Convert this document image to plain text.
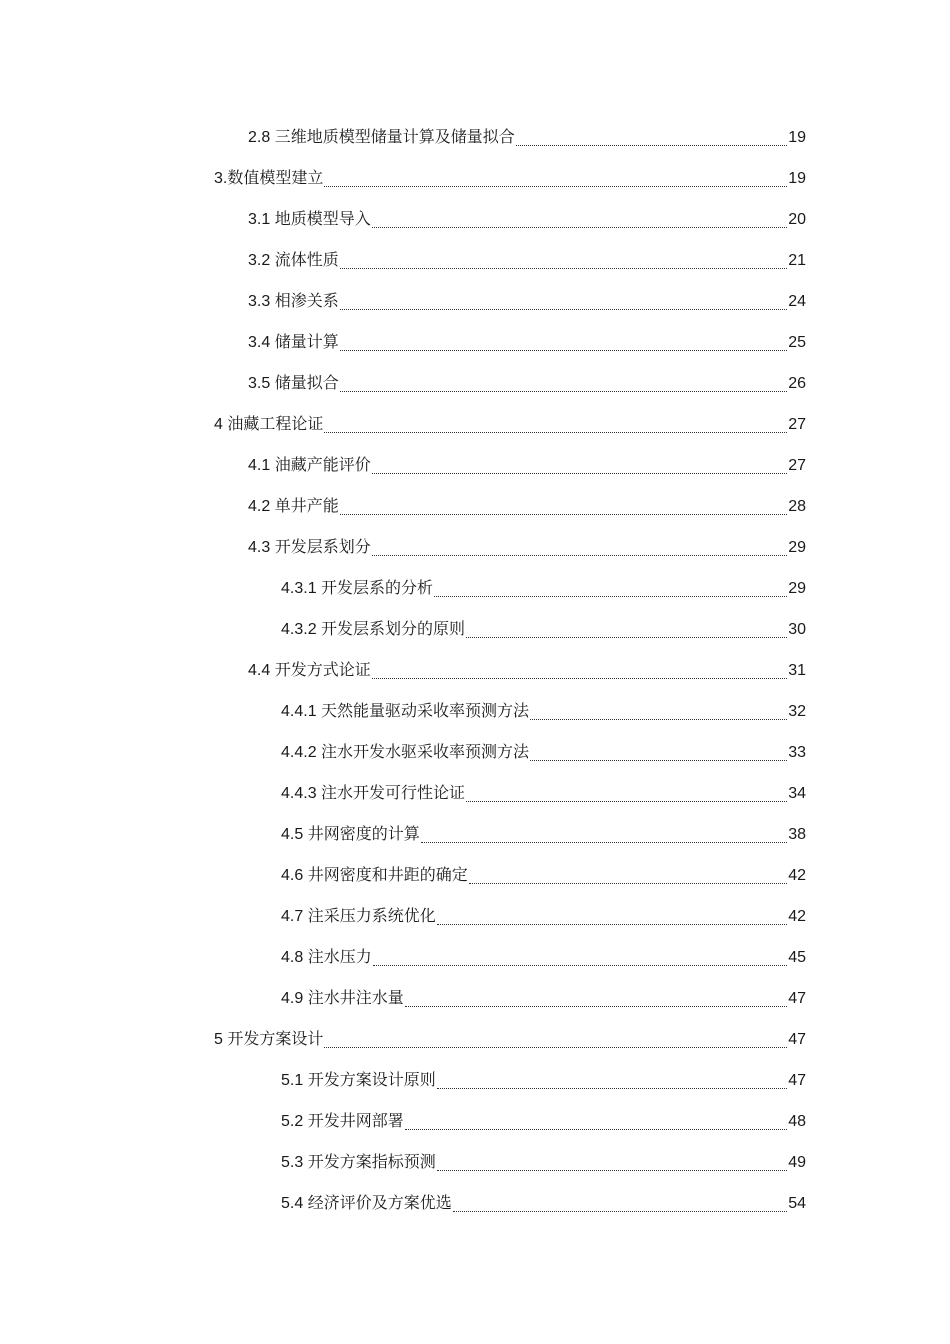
2.8 三维地质模型储量计算及储量拟合	19
3.数值模型建立	19
3.1 地质模型导入	20
3.2 流体性质	21
3.3 相渗关系	24
3.4 储量计算	25
3.5 储量拟合	26
4 油藏工程论证	27
4.1 油藏产能评价	27
4.2 单井产能	28
4.3 开发层系划分	29
4.3.1 开发层系的分析	29
4.3.2 开发层系划分的原则	30
4.4 开发方式论证	31
4.4.1 天然能量驱动采收率预测方法	32
4.4.2 注水开发水驱采收率预测方法	33
4.4.3 注水开发可行性论证	34
4.5 井网密度的计算	38
4.6 井网密度和井距的确定	42
4.7 注采压力系统优化	42
4.8 注水压力	45
4.9 注水井注水量	47
5 开发方案设计	47
5.1 开发方案设计原则	47
5.2 开发井网部署	48
5.3 开发方案指标预测	49
5.4 经济评价及方案优选	54
